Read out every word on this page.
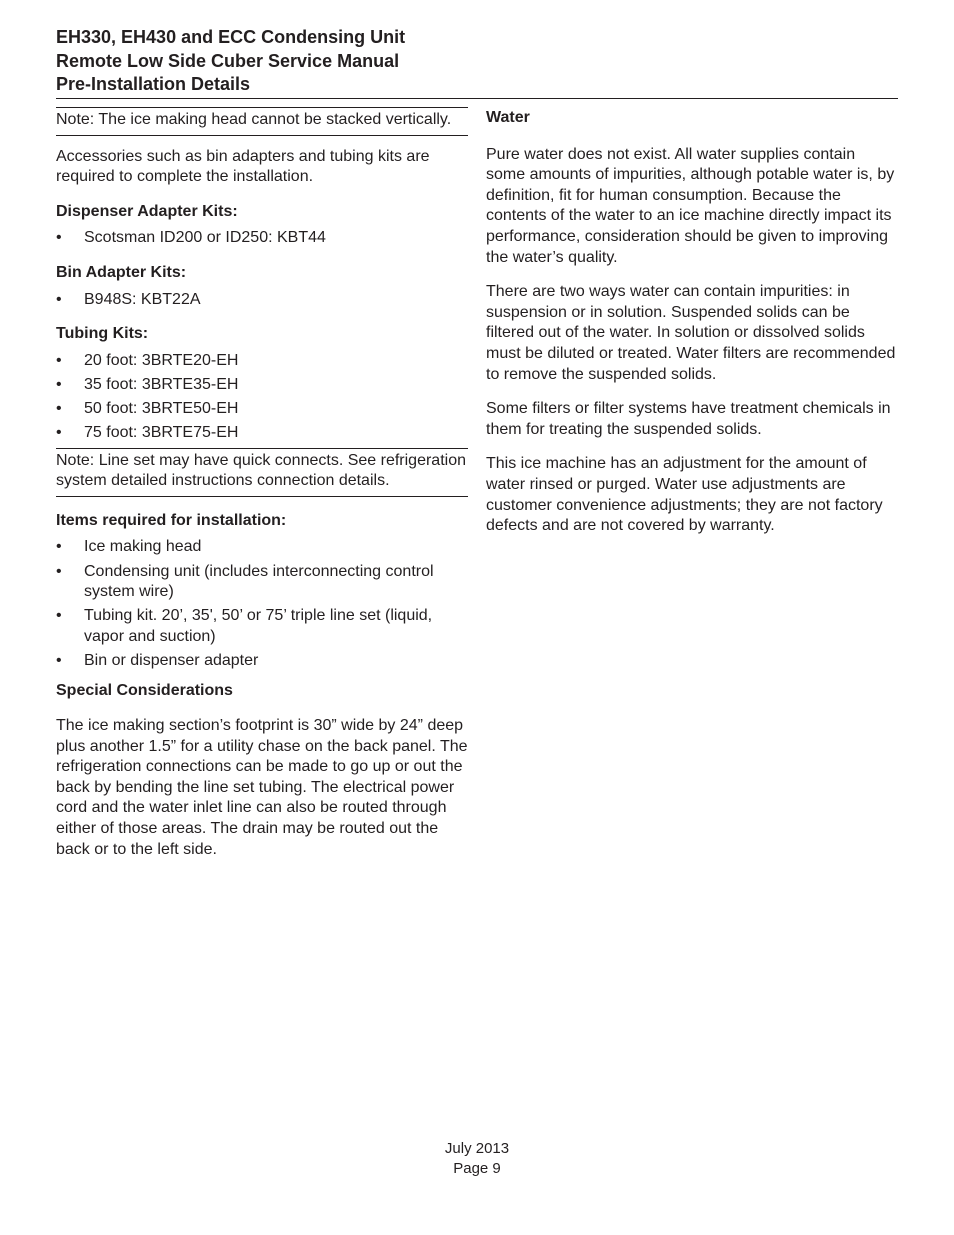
EH330, EH430 and ECC Condensing Unit
Remote Low Side Cuber Service Manual
Pre-Installation Details

Note: The ice making head cannot be stacked vertically.

Accessories such as bin adapters and tubing kits are required to complete the installation.

Dispenser Adapter Kits:

• Scotsman ID200 or ID250: KBT44

Bin Adapter Kits:

• B948S: KBT22A

Tubing Kits:

• 20 foot: 3BRTE20-EH
• 35 foot: 3BRTE35-EH
• 50 foot: 3BRTE50-EH
• 75 foot: 3BRTE75-EH

Note: Line set may have quick connects. See refrigeration system detailed instructions connection details.

Items required for installation:

• Ice making head
• Condensing unit (includes interconnecting control system wire)
• Tubing kit. 20’, 35', 50’ or 75’ triple line set (liquid, vapor and suction)
• Bin or dispenser adapter

Special Considerations

The ice making section’s footprint is 30” wide by 24” deep plus another 1.5” for a utility chase on the back panel. The refrigeration connections can be made to go up or out the back by bending the line set tubing. The electrical power cord and the water inlet line can also be routed through either of those areas. The drain may be routed out the back or to the left side.

Water

Pure water does not exist. All water supplies contain some amounts of impurities, although potable water is, by definition, fit for human consumption. Because the contents of the water to an ice machine directly impact its performance, consideration should be given to improving the water’s quality.

There are two ways water can contain impurities: in suspension or in solution. Suspended solids can be filtered out of the water. In solution or dissolved solids must be diluted or treated. Water filters are recommended to remove the suspended solids.

Some filters or filter systems have treatment chemicals in them for treating the suspended solids.

This ice machine has an adjustment for the amount of water rinsed or purged. Water use adjustments are customer convenience adjustments; they are not factory defects and are not covered by warranty.

July 2013
Page 9
